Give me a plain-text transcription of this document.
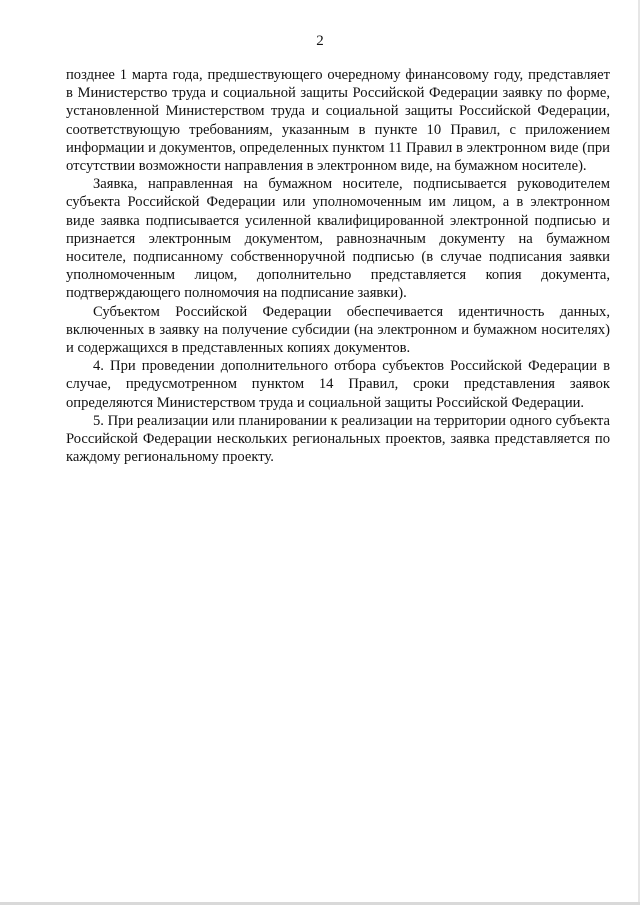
2

позднее 1 марта года, предшествующего очередному финансовому году, представляет в Министерство труда и социальной защиты Российской Федерации заявку по форме, установленной Министерством труда и социальной защиты Российской Федерации, соответствующую требованиям, указанным в пункте 10 Правил, с приложением информации и документов, определенных пунктом 11 Правил в электронном виде (при отсутствии возможности направления в электронном виде, на бумажном носителе).

Заявка, направленная на бумажном носителе, подписывается руководителем субъекта Российской Федерации или уполномоченным им лицом, а в электронном виде заявка подписывается усиленной квалифицированной электронной подписью и признается электронным документом, равнозначным документу на бумажном носителе, подписанному собственноручной подписью (в случае подписания заявки уполномоченным лицом, дополнительно представляется копия документа, подтверждающего полномочия на подписание заявки).

Субъектом Российской Федерации обеспечивается идентичность данных, включенных в заявку на получение субсидии (на электронном и бумажном носителях) и содержащихся в представленных копиях документов.

4. При проведении дополнительного отбора субъектов Российской Федерации в случае, предусмотренном пунктом 14 Правил, сроки представления заявок определяются Министерством труда и социальной защиты Российской Федерации.

5. При реализации или планировании к реализации на территории одного субъекта Российской Федерации нескольких региональных проектов, заявка представляется по каждому региональному проекту.
